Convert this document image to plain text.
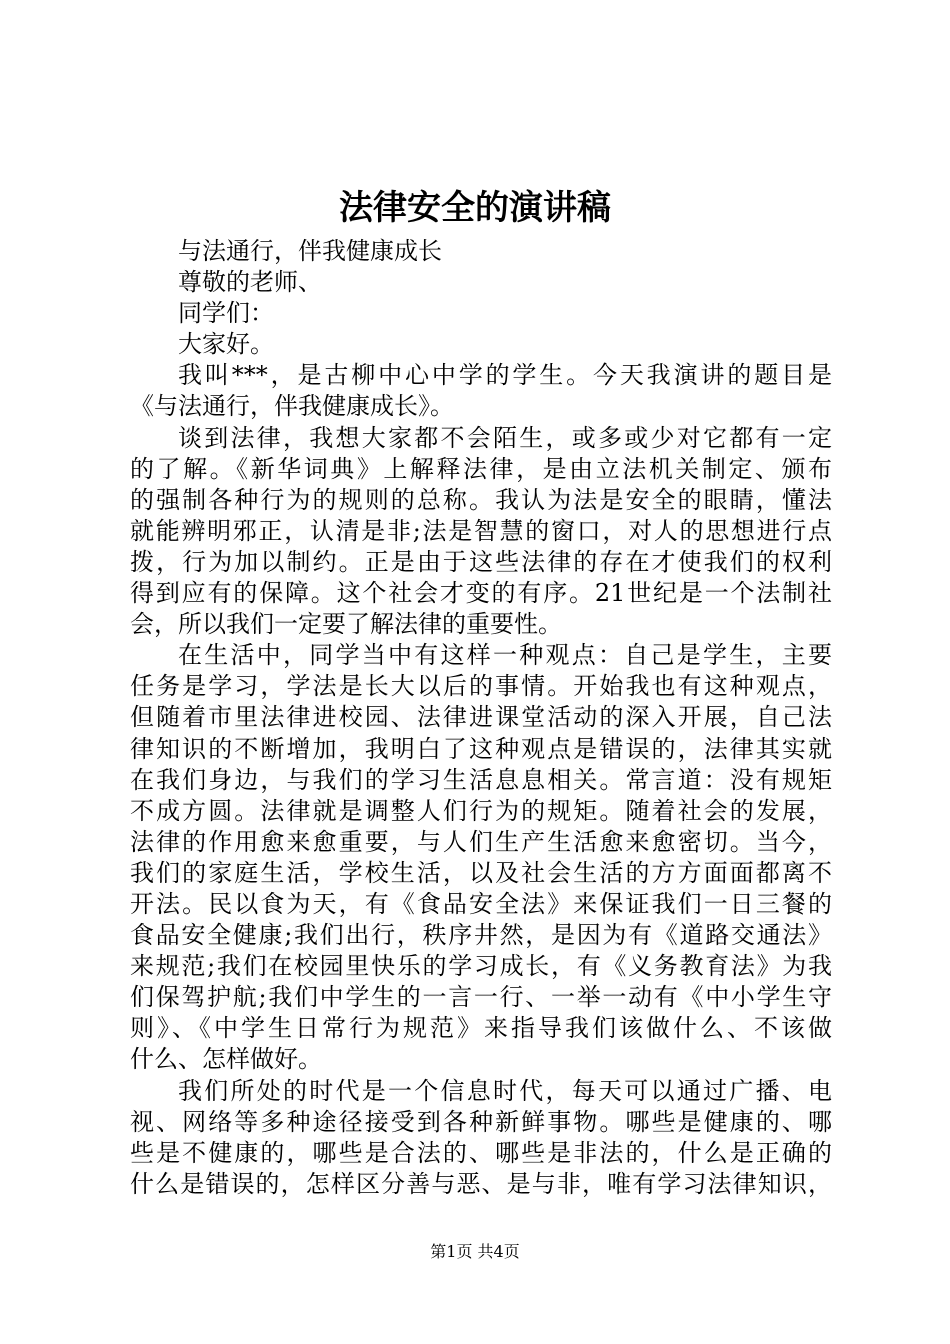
法律安全的演讲稿
与法通行，伴我健康成长
尊敬的老师、
同学们：
大家好。
我叫***，是古柳中心中学的学生。今天我演讲的题目是
《与法通行，伴我健康成长》。
谈到法律，我想大家都不会陌生，或多或少对它都有一定
的了解。《新华词典》上解释法律，是由立法机关制定、颁布
的强制各种行为的规则的总称。我认为法是安全的眼睛，懂法
就能辨明邪正，认清是非;法是智慧的窗口，对人的思想进行点
拨，行为加以制约。正是由于这些法律的存在才使我们的权利
得到应有的保障。这个社会才变的有序。21世纪是一个法制社
会，所以我们一定要了解法律的重要性。
在生活中，同学当中有这样一种观点：自己是学生，主要
任务是学习，学法是长大以后的事情。开始我也有这种观点，
但随着市里法律进校园、法律进课堂活动的深入开展，自己法
律知识的不断增加，我明白了这种观点是错误的，法律其实就
在我们身边，与我们的学习生活息息相关。常言道：没有规矩
不成方圆。法律就是调整人们行为的规矩。随着社会的发展，
法律的作用愈来愈重要，与人们生产生活愈来愈密切。当今，
我们的家庭生活，学校生活，以及社会生活的方方面面都离不
开法。民以食为天，有《食品安全法》来保证我们一日三餐的
食品安全健康;我们出行，秩序井然，是因为有《道路交通法》
来规范;我们在校园里快乐的学习成长，有《义务教育法》为我
们保驾护航;我们中学生的一言一行、一举一动有《中小学生守
则》、《中学生日常行为规范》来指导我们该做什么、不该做
什么、怎样做好。
我们所处的时代是一个信息时代，每天可以通过广播、电
视、网络等多种途径接受到各种新鲜事物。哪些是健康的、哪
些是不健康的，哪些是合法的、哪些是非法的，什么是正确的
什么是错误的，怎样区分善与恶、是与非，唯有学习法律知识，
第1页 共4页
